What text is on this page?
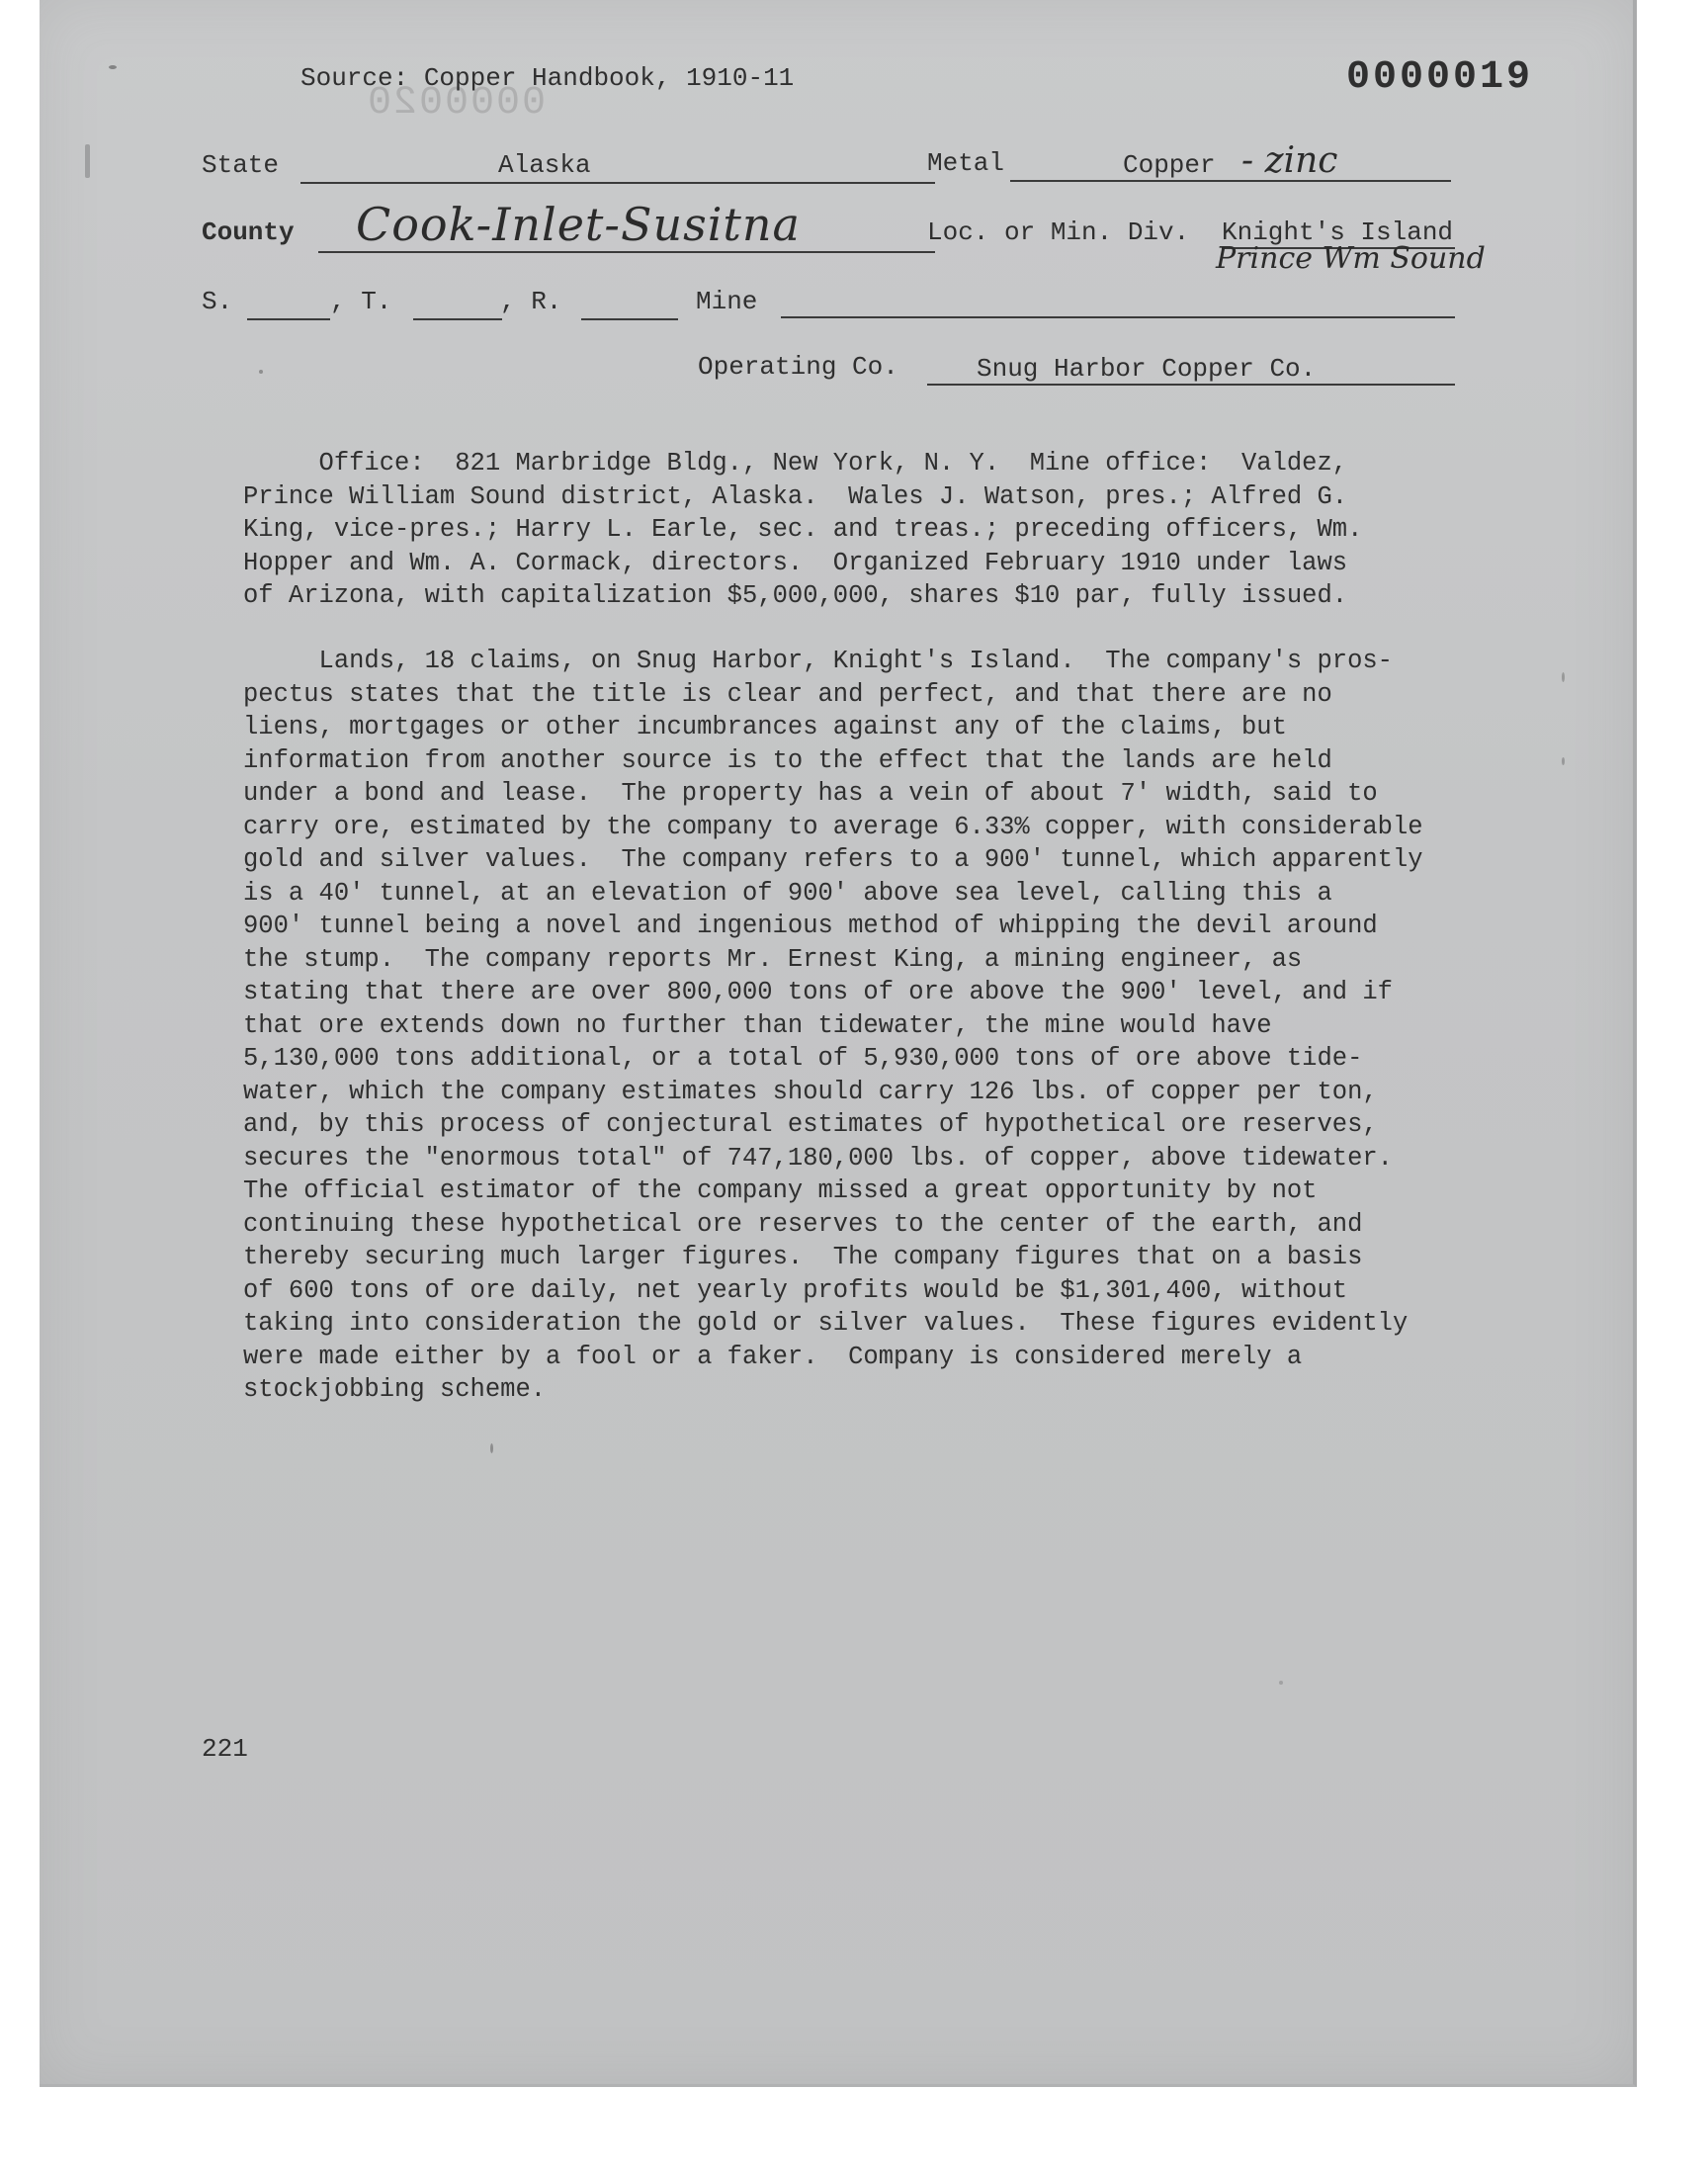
0000020
Source: Copper Handbook, 1910-11	0000019
State	Alaska	Metal	Copper - zinc
County Cook-Inlet-Susitna	Loc. or Min. Div. Knight's Island
Prince Wm Sound
S.	, T.	, R.	Mine
Operating Co.	Snug Harbor Copper Co.
Office:  821 Marbridge Bldg., New York, N. Y.  Mine office:  Valdez,
Prince William Sound district, Alaska.  Wales J. Watson, pres.; Alfred G.
King, vice-pres.; Harry L. Earle, sec. and treas.; preceding officers, Wm.
Hopper and Wm. A. Cormack, directors.  Organized February 1910 under laws
of Arizona, with capitalization $5,000,000, shares $10 par, fully issued.
Lands, 18 claims, on Snug Harbor, Knight's Island.  The company's pros-
pectus states that the title is clear and perfect, and that there are no
liens, mortgages or other incumbrances against any of the claims, but
information from another source is to the effect that the lands are held
under a bond and lease.  The property has a vein of about 7' width, said to
carry ore, estimated by the company to average 6.33% copper, with considerable
gold and silver values.  The company refers to a 900' tunnel, which apparently
is a 40' tunnel, at an elevation of 900' above sea level, calling this a
900' tunnel being a novel and ingenious method of whipping the devil around
the stump.  The company reports Mr. Ernest King, a mining engineer, as
stating that there are over 800,000 tons of ore above the 900' level, and if
that ore extends down no further than tidewater, the mine would have
5,130,000 tons additional, or a total of 5,930,000 tons of ore above tide-
water, which the company estimates should carry 126 lbs. of copper per ton,
and, by this process of conjectural estimates of hypothetical ore reserves,
secures the "enormous total" of 747,180,000 lbs. of copper, above tidewater.
The official estimator of the company missed a great opportunity by not
continuing these hypothetical ore reserves to the center of the earth, and
thereby securing much larger figures.  The company figures that on a basis
of 600 tons of ore daily, net yearly profits would be $1,301,400, without
taking into consideration the gold or silver values.  These figures evidently
were made either by a fool or a faker.  Company is considered merely a
stockjobbing scheme.
221
